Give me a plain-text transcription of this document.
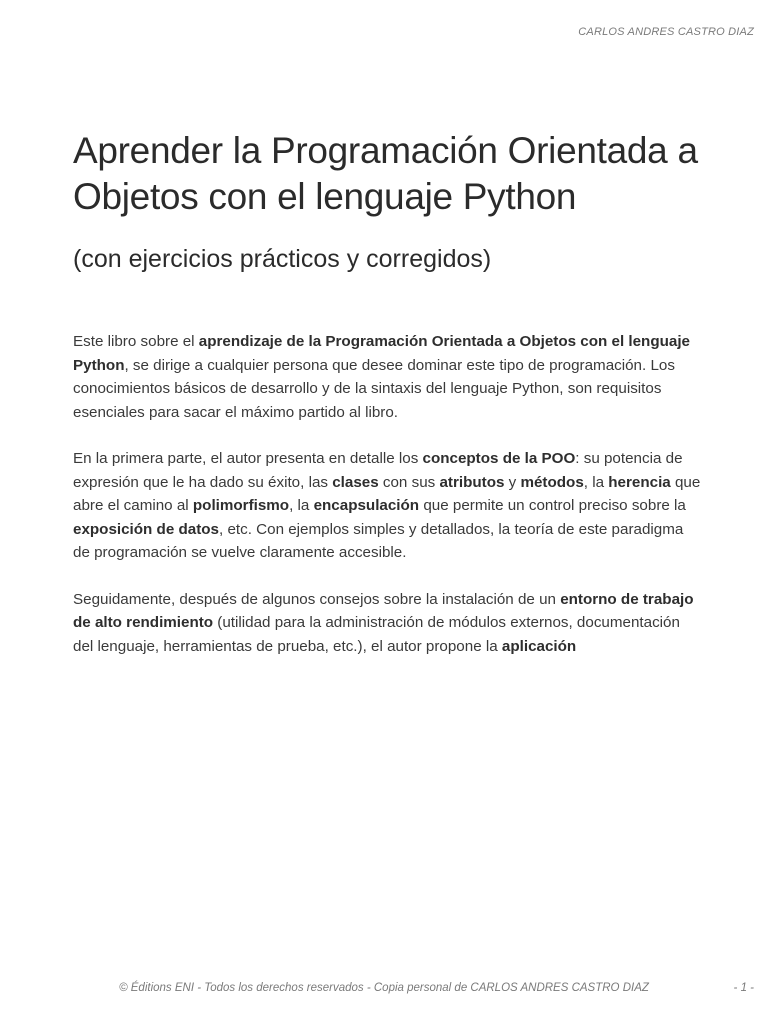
CARLOS ANDRES CASTRO DIAZ
Aprender la Programación Orientada a Objetos con el lenguaje Python
(con ejercicios prácticos y corregidos)

Este libro sobre el aprendizaje de la Programación Orientada a Objetos con el lenguaje Python, se dirige a cualquier persona que desee dominar este tipo de programación. Los conocimientos básicos de desarrollo y de la sintaxis del lenguaje Python, son requisitos esenciales para sacar el máximo partido al libro.

En la primera parte, el autor presenta en detalle los conceptos de la POO: su potencia de expresión que le ha dado su éxito, las clases con sus atributos y métodos, la herencia que abre el camino al polimorfismo, la encapsulación que permite un control preciso sobre la exposición de datos, etc. Con ejemplos simples y detallados, la teoría de este paradigma de programación se vuelve claramente accesible.

Seguidamente, después de algunos consejos sobre la instalación de un entorno de trabajo de alto rendimiento (utilidad para la administración de módulos externos, documentación del lenguaje, herramientas de prueba, etc.), el autor propone la aplicación

© Éditions ENI - Todos los derechos reservados - Copia personal de CARLOS ANDRES CASTRO DIAZ	- 1 -
